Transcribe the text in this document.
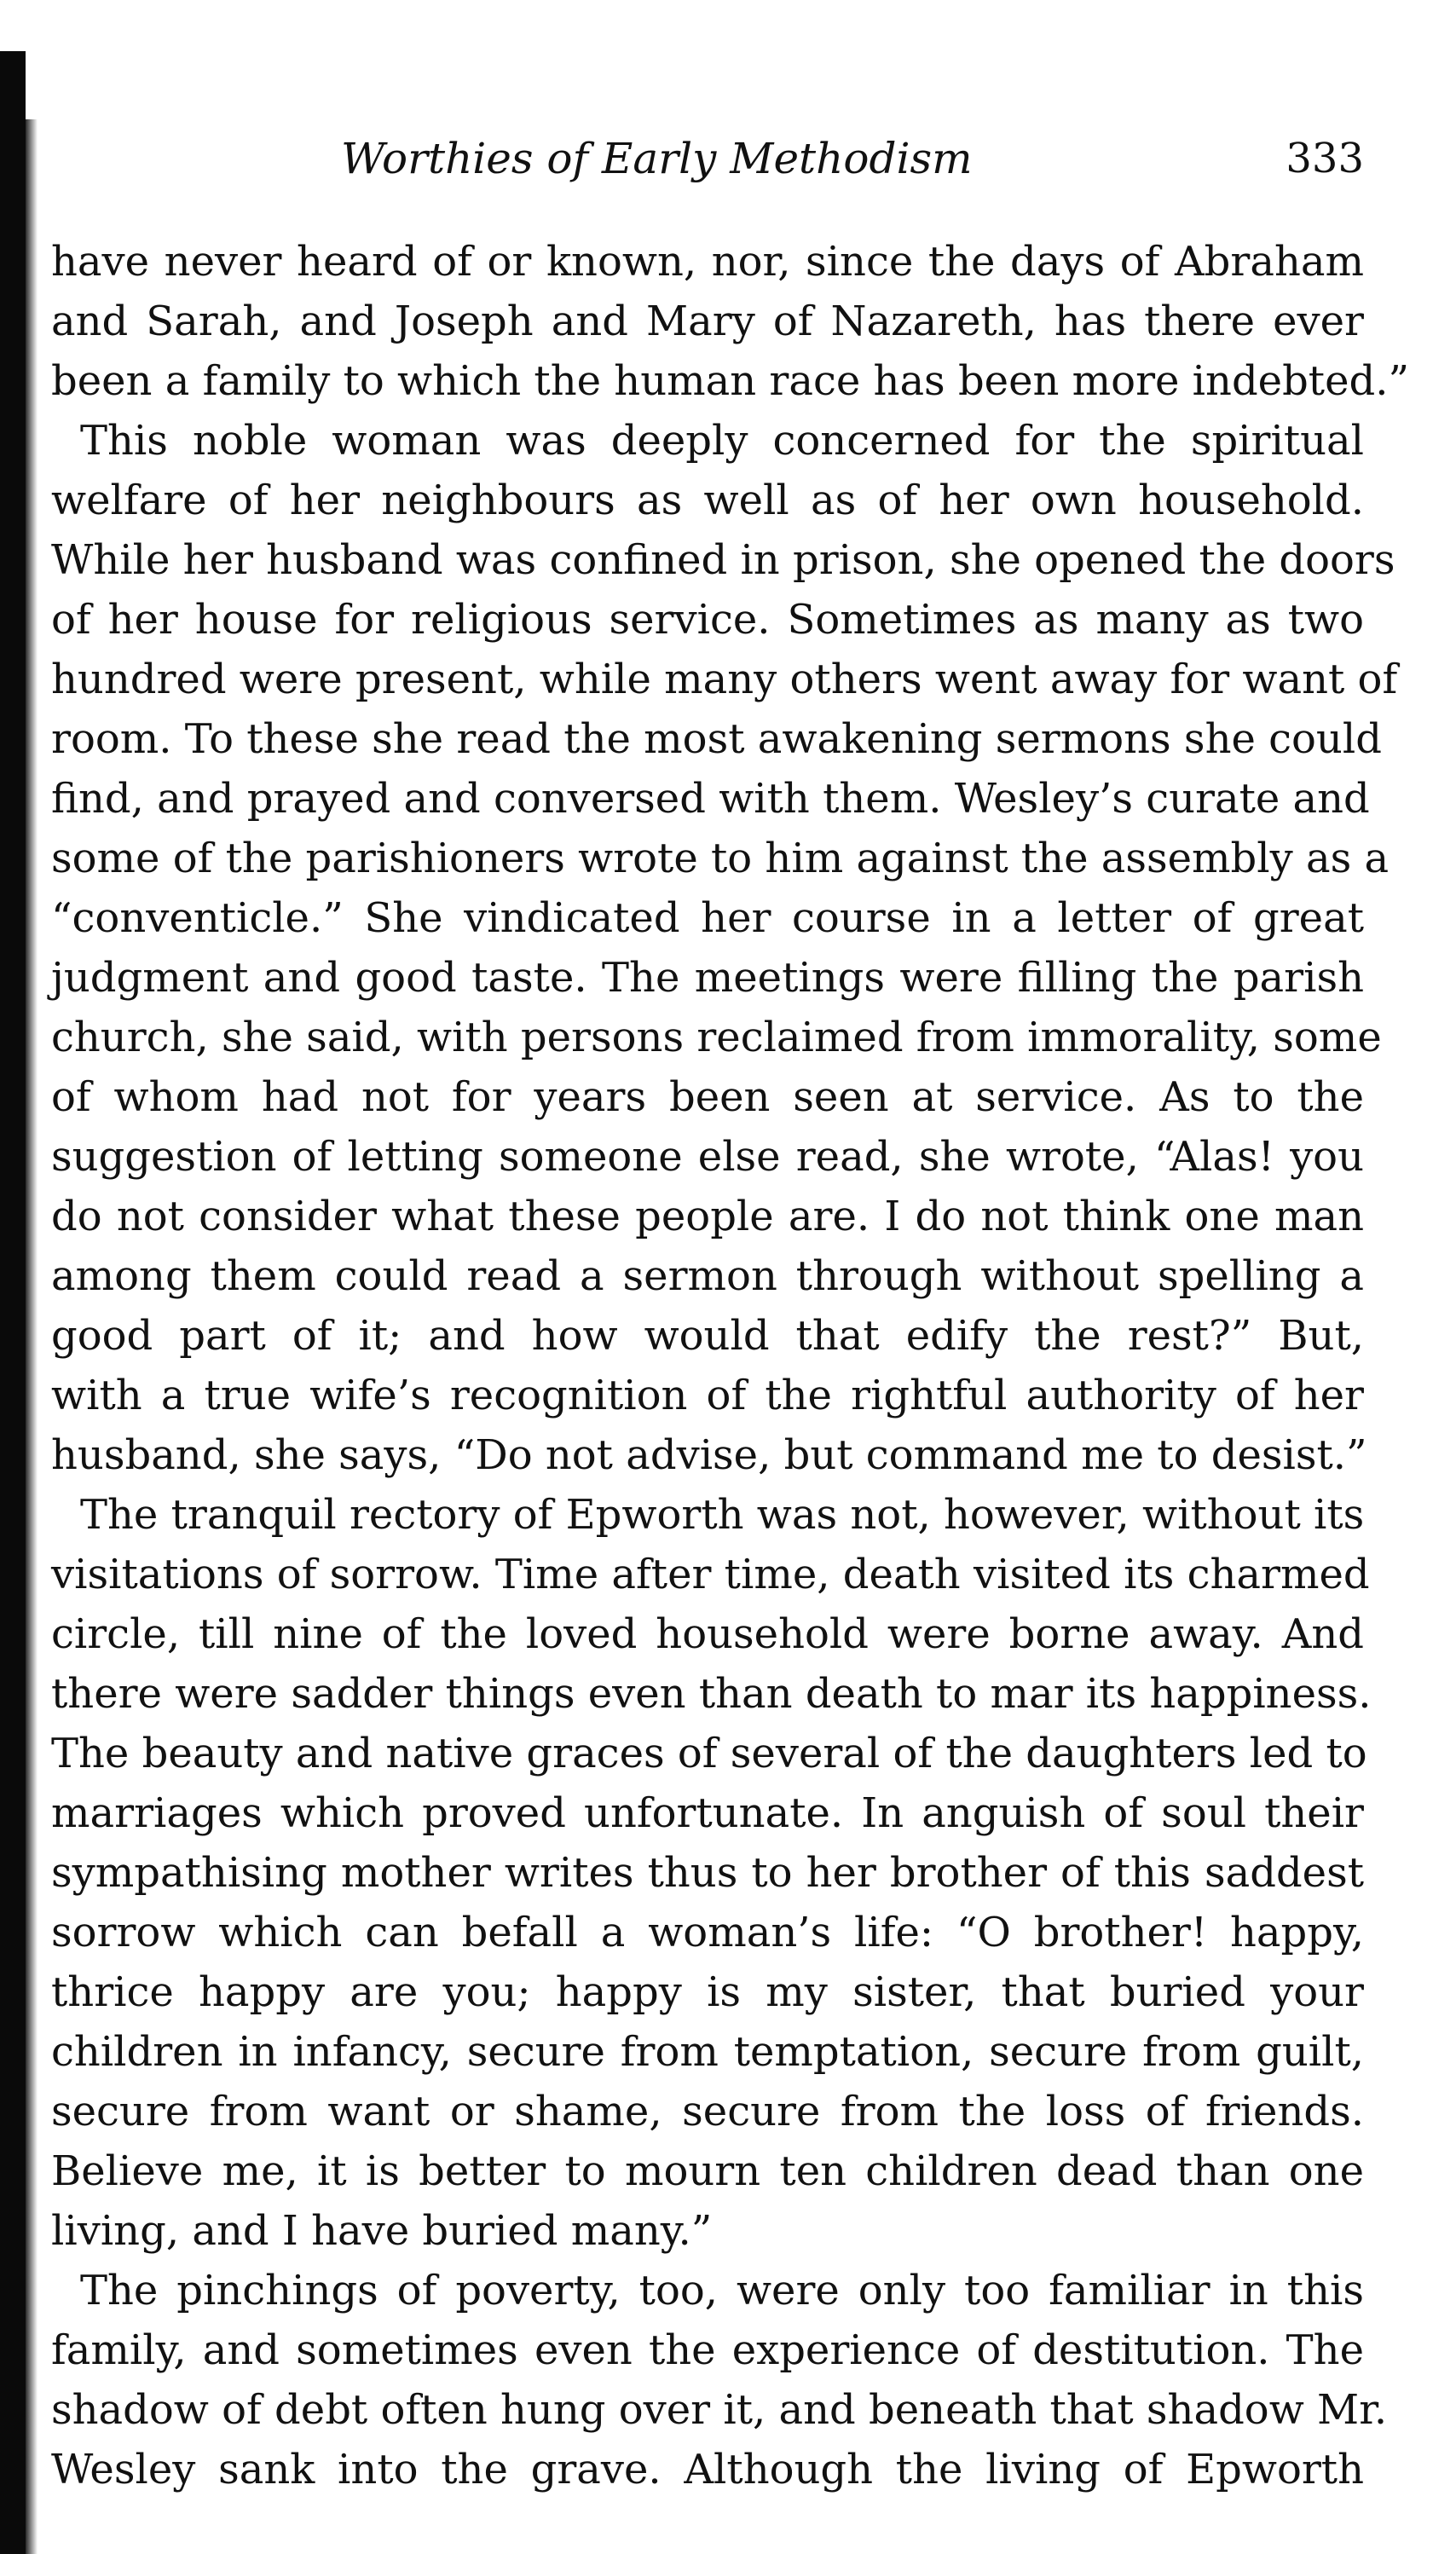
Worthies of Early Methodism	333
have never heard of or known, nor, since the days of Abraham
and Sarah, and Joseph and Mary of Nazareth, has there ever
been a family to which the human race has been more indebted.”
This noble woman was deeply concerned for the spiritual
welfare of her neighbours as well as of her own household.
While her husband was confined in prison, she opened the doors
of her house for religious service. Sometimes as many as two
hundred were present, while many others went away for want of
room. To these she read the most awakening sermons she could
find, and prayed and conversed with them. Wesley’s curate and
some of the parishioners wrote to him against the assembly as a
“conventicle.” She vindicated her course in a letter of great
judgment and good taste. The meetings were filling the parish
church, she said, with persons reclaimed from immorality, some
of whom had not for years been seen at service. As to the
suggestion of letting someone else read, she wrote, “Alas! you
do not consider what these people are. I do not think one man
among them could read a sermon through without spelling a
good part of it; and how would that edify the rest?” But,
with a true wife’s recognition of the rightful authority of her
husband, she says, “Do not advise, but command me to desist.”
The tranquil rectory of Epworth was not, however, without its
visitations of sorrow. Time after time, death visited its charmed
circle, till nine of the loved household were borne away. And
there were sadder things even than death to mar its happiness.
The beauty and native graces of several of the daughters led to
marriages which proved unfortunate. In anguish of soul their
sympathising mother writes thus to her brother of this saddest
sorrow which can befall a woman’s life: “O brother! happy,
thrice happy are you; happy is my sister, that buried your
children in infancy, secure from temptation, secure from guilt,
secure from want or shame, secure from the loss of friends.
Believe me, it is better to mourn ten children dead than one
living, and I have buried many.”
The pinchings of poverty, too, were only too familiar in this
family, and sometimes even the experience of destitution. The
shadow of debt often hung over it, and beneath that shadow Mr.
Wesley sank into the grave. Although the living of Epworth
